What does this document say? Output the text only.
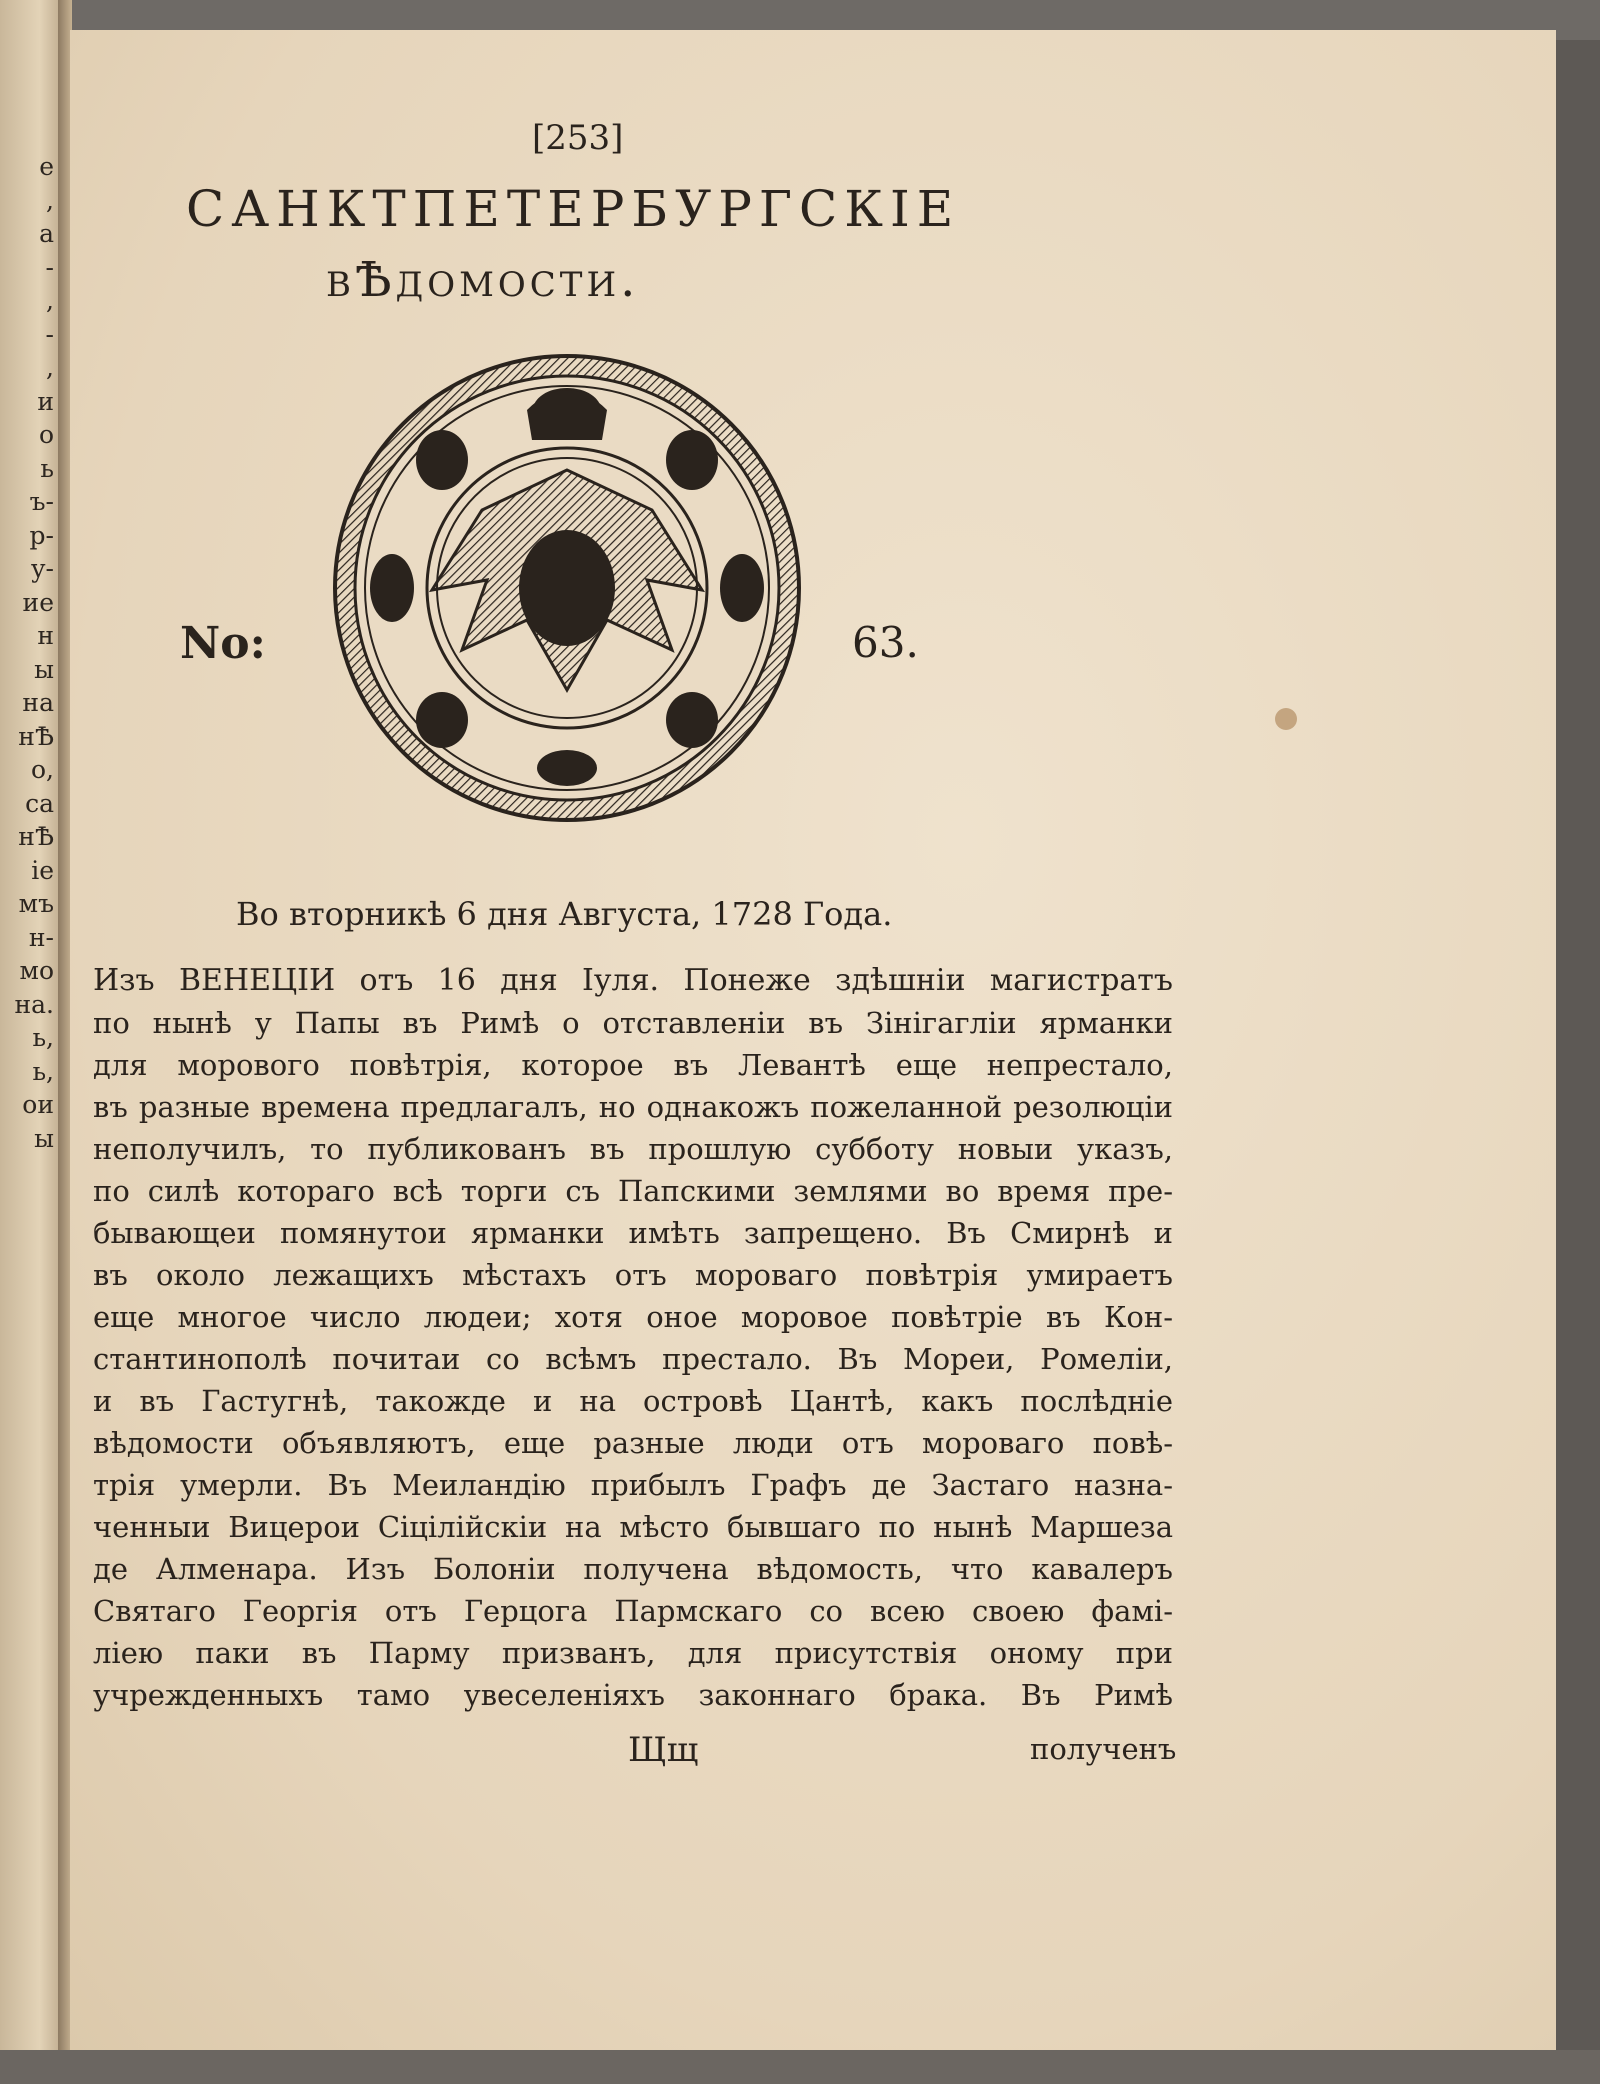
е
,
а
-
,
-
,
и
о
ь
ъ-
р-
у-
ие
н
ы
на
нѢ
о,
са
нѢ
ie
мъ
н-
мо
на.
ь,
ь,
ои
ы
[253]
САНКТПЕТЕРБУРГСКІЕ
вѢдомости.
No:	63.
Во вторникѣ 6 дня Августа, 1728 Года.
Изъ ВЕНЕЦІИ отъ 16 дня Іуля. Понеже здѣшніи магистратъ
по нынѣ у Папы въ Римѣ о отставленіи въ Зінігагліи ярманки
для моровогo повѣтрія, которое въ Левантѣ еще непрестало,
въ разные времена предлагалъ, но однакожъ пожеланной резолюціи
неполучилъ, то публикованъ въ прошлую субботу новыи указъ,
по силѣ котораго всѣ торги съ Папскими землями во время пре-
бывающеи помянутои ярманки имѣть запрещено. Въ Смирнѣ и
въ около лежащихъ мѣстахъ отъ мороваго повѣтрія умираетъ
еще многое число людеи; хотя оное моровое повѣтріе въ Кон-
стантинополѣ почитаи со всѣмъ престало. Въ Мореи, Ромеліи,
и въ Гастугнѣ, такожде и на островѣ Цантѣ, какъ послѣдніе
вѣдомости объявляютъ, еще разные люди отъ мороваго повѣ-
трія умерли. Въ Меиландію прибылъ Графъ де Застаго назна-
ченныи Вицерои Сіцілійскіи на мѣсто бывшаго по нынѣ Маршеза
де Алменара. Изъ Болоніи получена вѣдомость, что кавалеръ
Святаго Георгія отъ Герцога Пармскаго со всею своею фамі-
ліею паки въ Парму призванъ, для присутствія оному при
учрежденныхъ тамо увеселеніяхъ законнаго брака. Въ Римѣ
Щщ	полученъ
